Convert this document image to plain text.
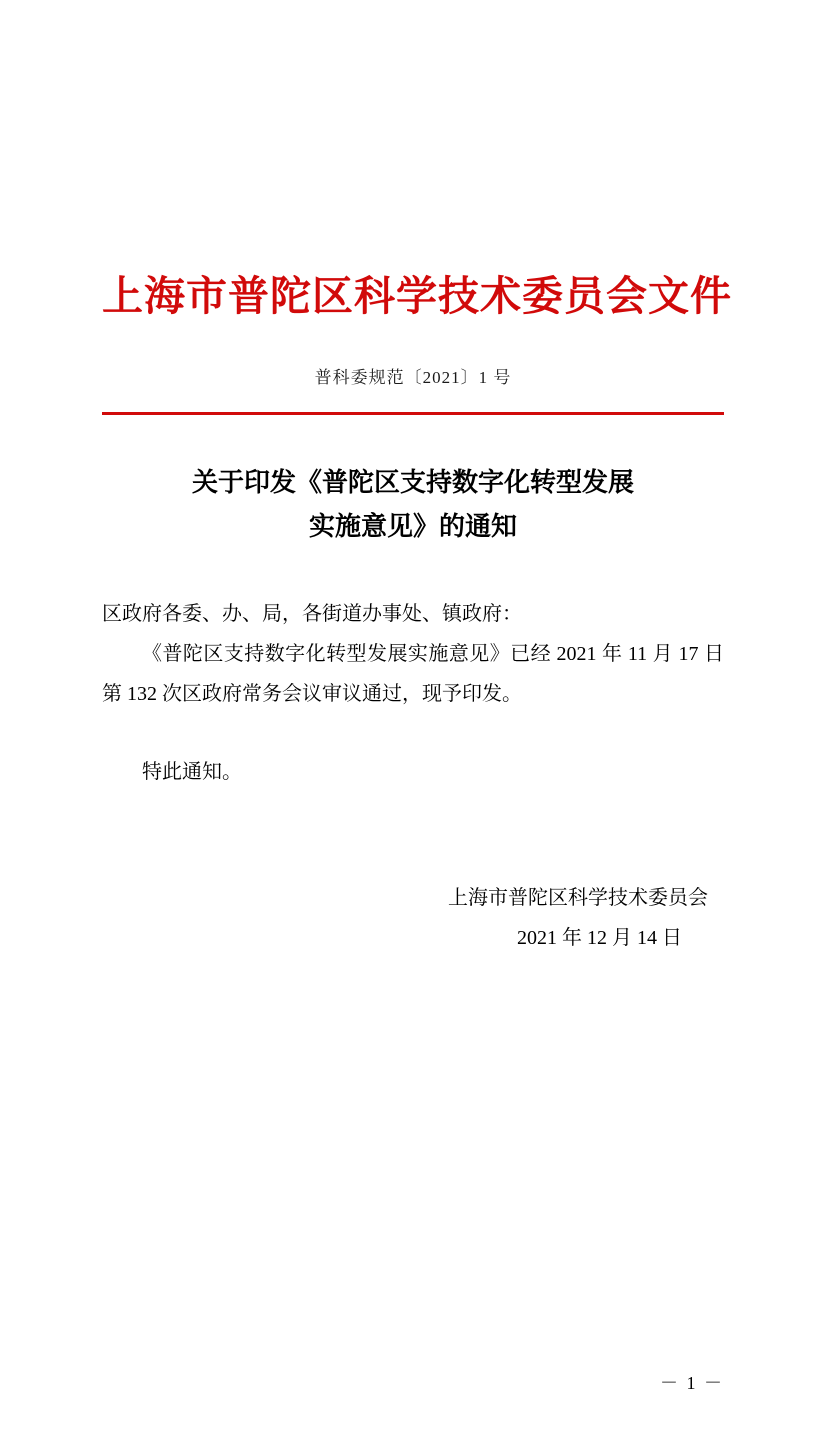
上海市普陀区科学技术委员会文件
普科委规范〔2021〕1 号
关于印发《普陀区支持数字化转型发展
实施意见》的通知

区政府各委、办、局，各街道办事处、镇政府：

《普陀区支持数字化转型发展实施意见》已经 2021 年 11 月 17 日第 132 次区政府常务会议审议通过，现予印发。

特此通知。

上海市普陀区科学技术委员会
2021 年 12 月 14 日
－ 1 －
